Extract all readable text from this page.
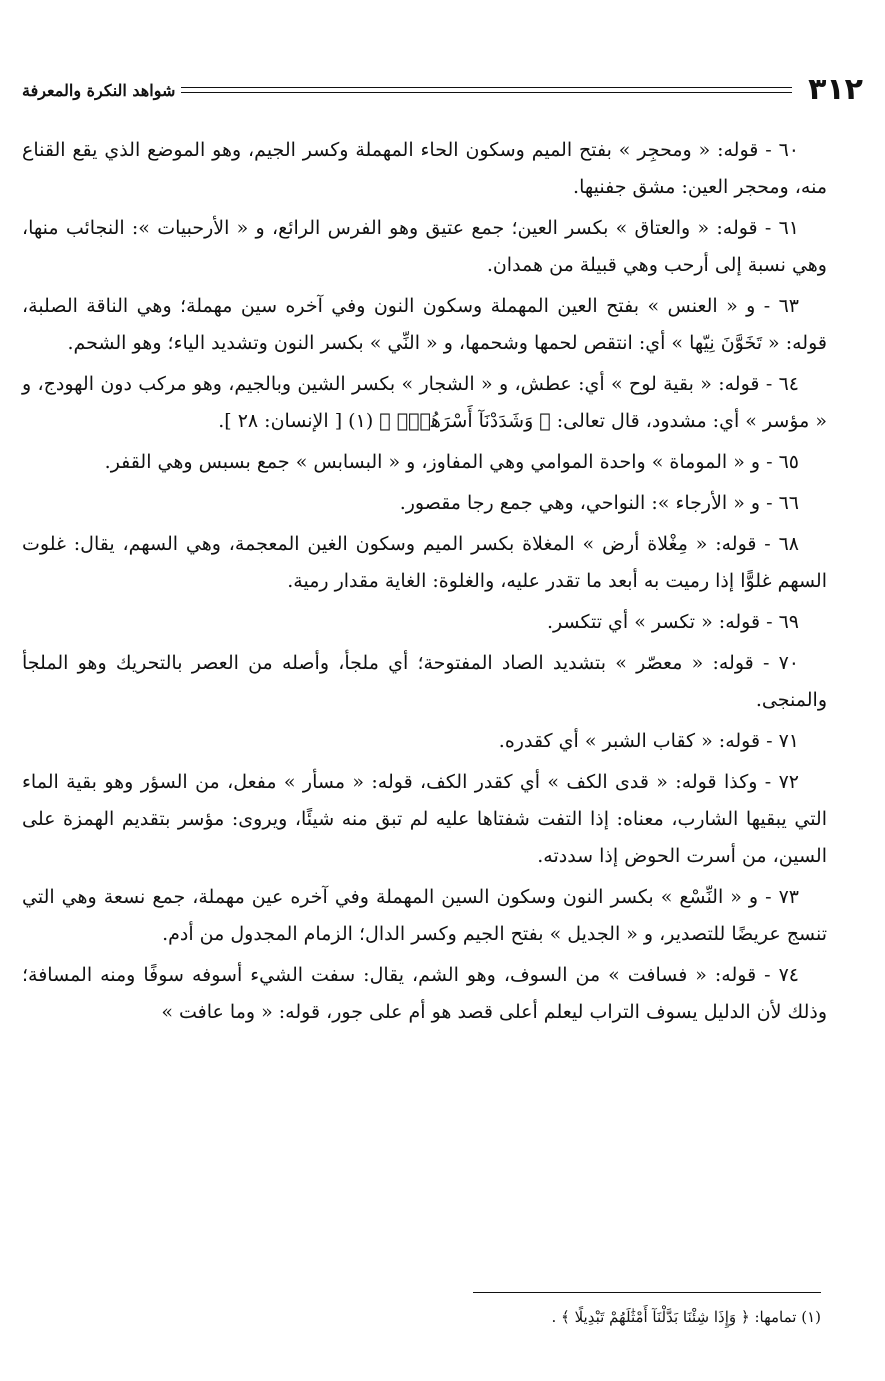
٣١٢
شواهد النكرة والمعرفة

٦٠ - قوله: « ومحجِر » بفتح الميم وسكون الحاء المهملة وكسر الجيم، وهو الموضع الذي يقع القناع منه، ومحجر العين: مشق جفنيها.

٦١ - قوله: « والعتاق » بكسر العين؛ جمع عتيق وهو الفرس الرائع، و « الأرحبيات »: النجائب منها، وهي نسبة إلى أرحب وهي قبيلة من همدان.

٦٣ - و « العنس » بفتح العين المهملة وسكون النون وفي آخره سين مهملة؛ وهي الناقة الصلبة، قوله: « تَخَوَّنَ نِيّها » أي: انتقص لحمها وشحمها، و « النِّي » بكسر النون وتشديد الياء؛ وهو الشحم.

٦٤ - قوله: « بقية لوح » أي: عطش، و « الشجار » بكسر الشين وبالجيم، وهو مركب دون الهودج، و « مؤسر » أي: مشدود، قال تعالى: ﴿ وَشَدَدْنَآ أَسْرَهُمْۖ ﴾ (١) [ الإنسان: ٢٨ ].

٦٥ - و « الموماة » واحدة الموامي وهي المفاوز، و « البسابس » جمع بسبس وهي القفر.

٦٦ - و « الأرجاء »: النواحي، وهي جمع رجا مقصور.

٦٨ - قوله: « مِغْلاة أرض » المغلاة بكسر الميم وسكون الغين المعجمة، وهي السهم، يقال: غلوت السهم غلوًّا إذا رميت به أبعد ما تقدر عليه، والغلوة: الغاية مقدار رمية.

٦٩ - قوله: « تكسر » أي تتكسر.

٧٠ - قوله: « معصّر » بتشديد الصاد المفتوحة؛ أي ملجأ، وأصله من العصر بالتحريك وهو الملجأ والمنجى.

٧١ - قوله: « كقاب الشبر » أي كقدره.

٧٢ - وكذا قوله: « قدى الكف » أي كقدر الكف، قوله: « مسأر » مفعل، من السؤر وهو بقية الماء التي يبقيها الشارب، معناه: إذا التفت شفتاها عليه لم تبق منه شيئًا، ويروى: مؤسر بتقديم الهمزة على السين، من أسرت الحوض إذا سددته.

٧٣ - و « النِّسْع » بكسر النون وسكون السين المهملة وفي آخره عين مهملة، جمع نسعة وهي التي تنسج عريضًا للتصدير، و « الجديل » بفتح الجيم وكسر الدال؛ الزمام المجدول من أدم.

٧٤ - قوله: « فسافت » من السوف، وهو الشم، يقال: سفت الشيء أسوفه سوفًا ومنه المسافة؛ وذلك لأن الدليل يسوف التراب ليعلم أعلى قصد هو أم على جور، قوله: « وما عافت »

(١) تمامها: ﴿ وَإِذَا شِئْنَا بَدَّلْنَآ أَمْثَٰلَهُمْ تَبْدِيلًا ﴾ .
